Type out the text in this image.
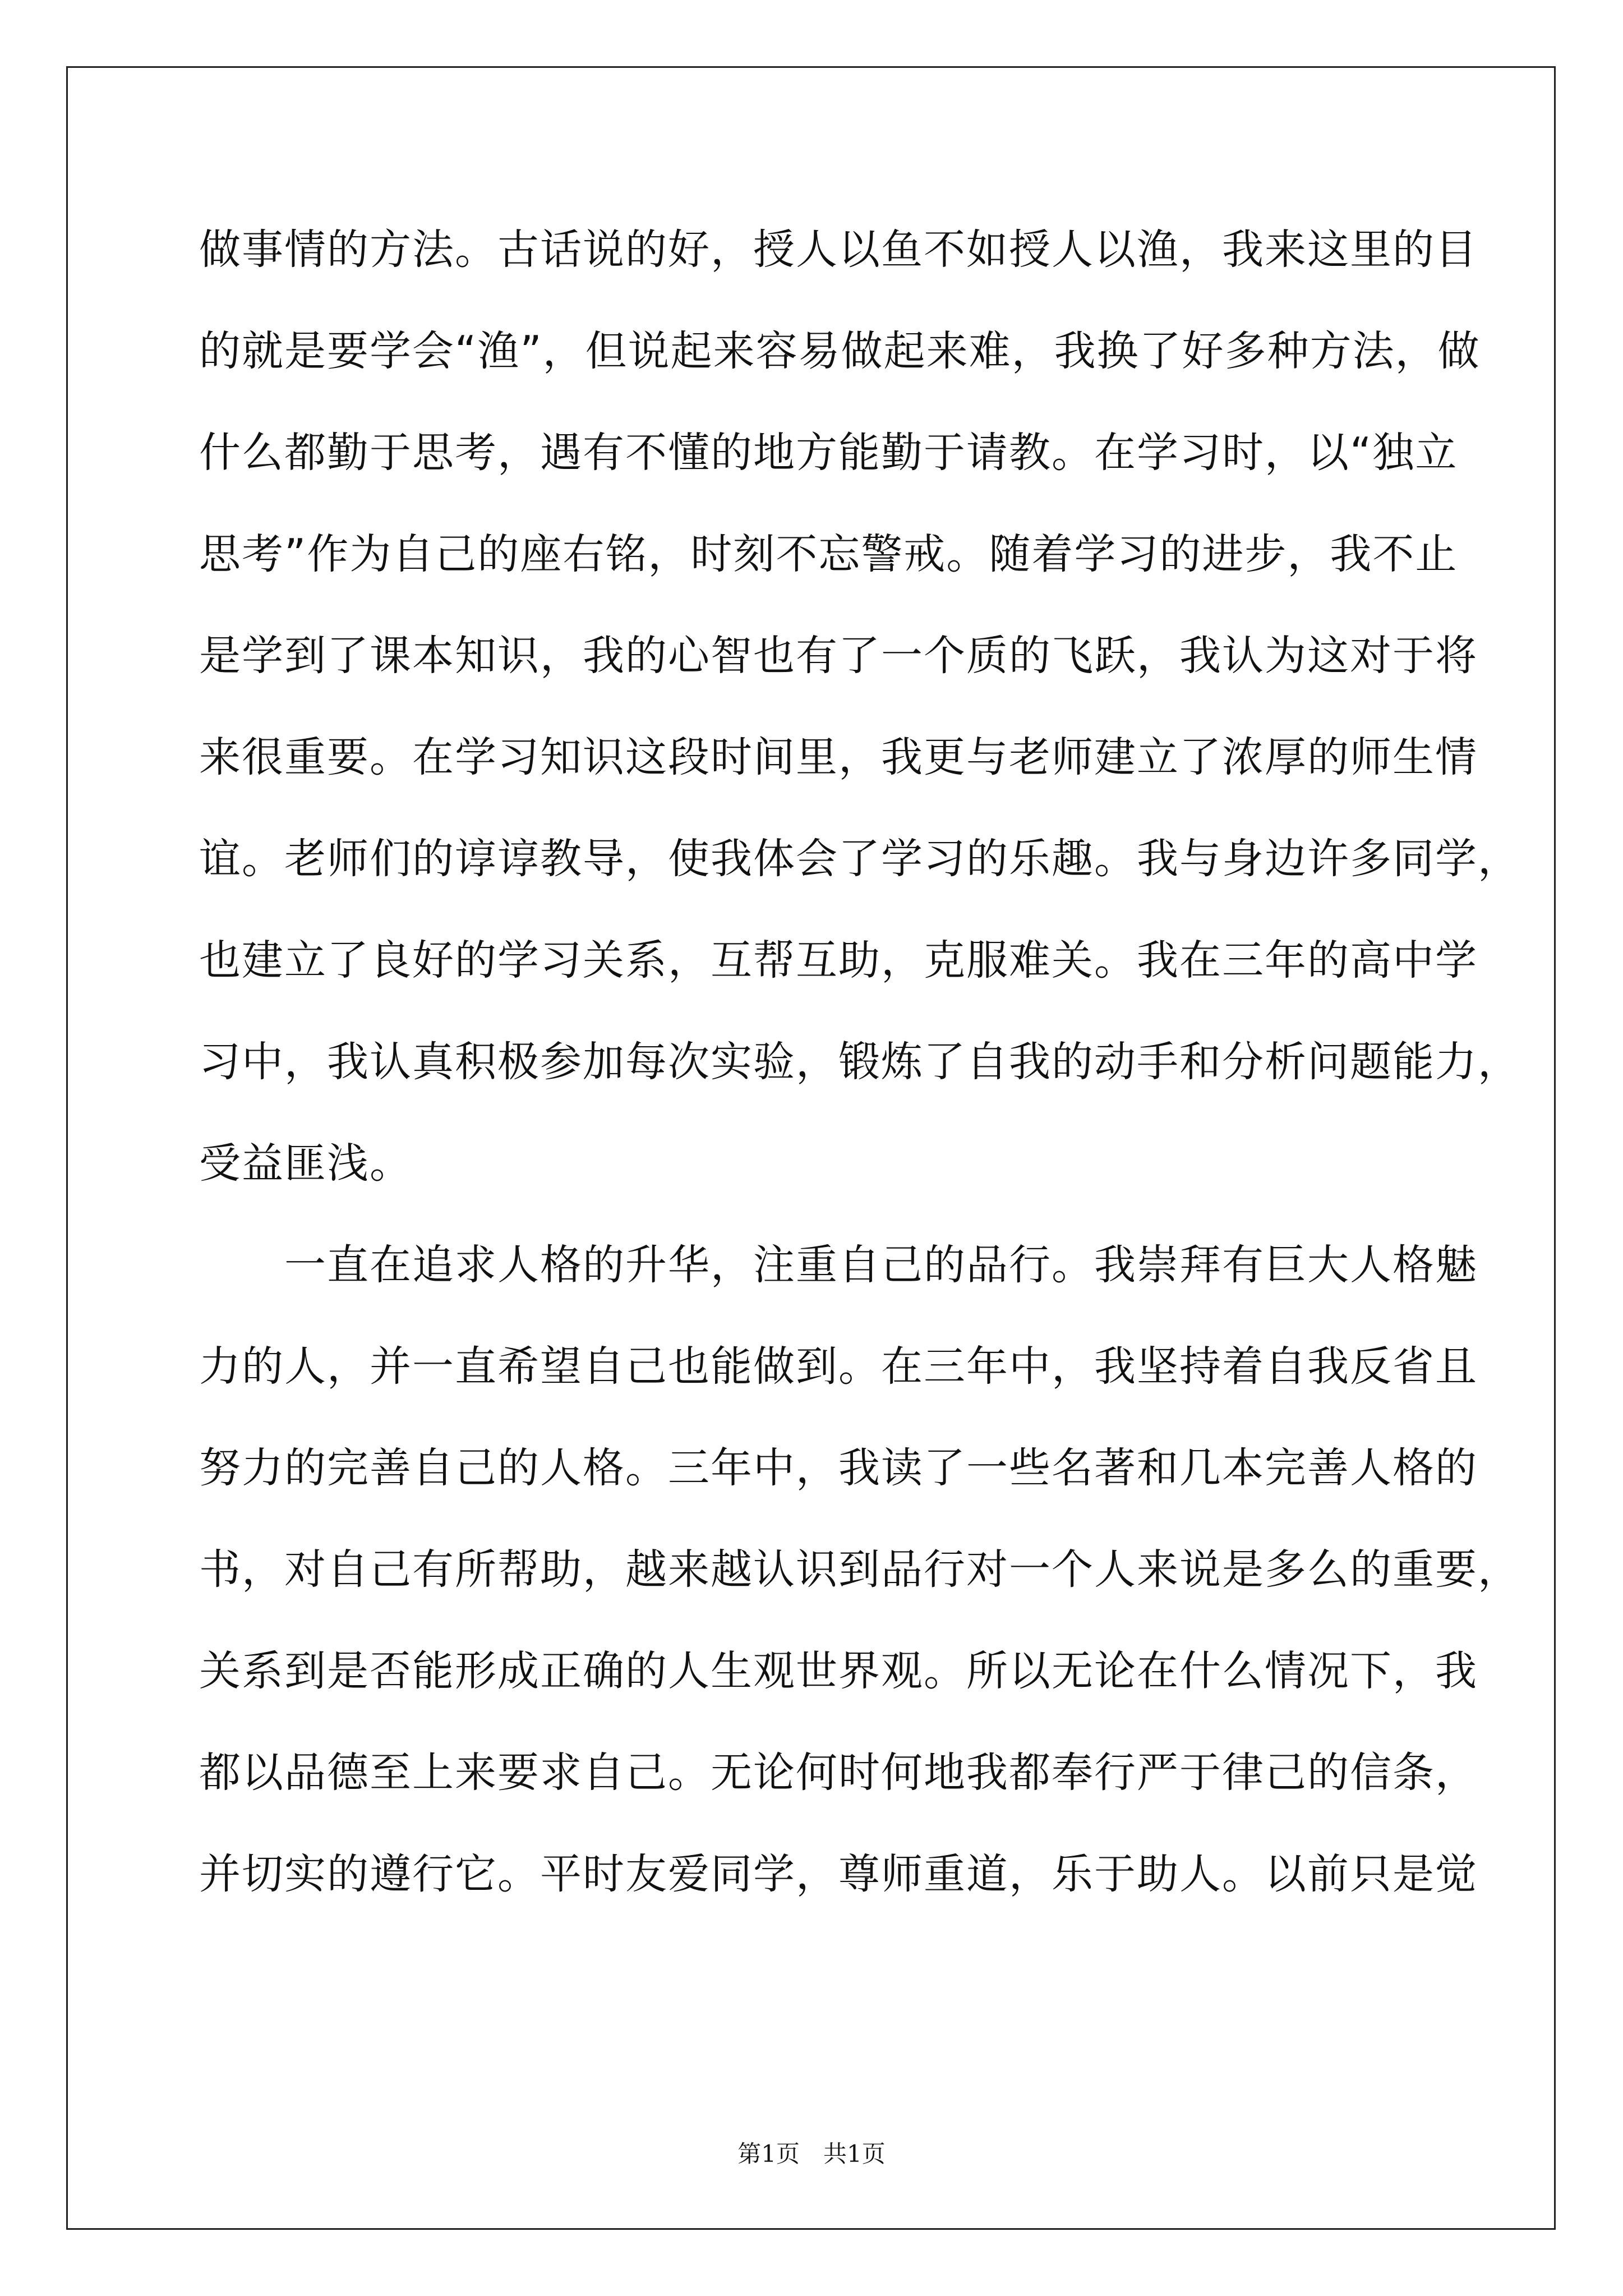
做事情的方法。古话说的好，授人以鱼不如授人以渔，我来这里的目
的就是要学会“渔”，但说起来容易做起来难，我换了好多种方法，做
什么都勤于思考，遇有不懂的地方能勤于请教。在学习时，以“独立
思考”作为自己的座右铭，时刻不忘警戒。随着学习的进步，我不止
是学到了课本知识，我的心智也有了一个质的飞跃，我认为这对于将
来很重要。在学习知识这段时间里，我更与老师建立了浓厚的师生情
谊。老师们的谆谆教导，使我体会了学习的乐趣。我与身边许多同学，
也建立了良好的学习关系，互帮互助，克服难关。我在三年的高中学
习中，我认真积极参加每次实验，锻炼了自我的动手和分析问题能力，
受益匪浅。
　　一直在追求人格的升华，注重自己的品行。我崇拜有巨大人格魅
力的人，并一直希望自己也能做到。在三年中，我坚持着自我反省且
努力的完善自己的人格。三年中，我读了一些名著和几本完善人格的
书，对自己有所帮助，越来越认识到品行对一个人来说是多么的重要，
关系到是否能形成正确的人生观世界观。所以无论在什么情况下，我
都以品德至上来要求自己。无论何时何地我都奉行严于律己的信条，
并切实的遵行它。平时友爱同学，尊师重道，乐于助人。以前只是觉
第1页　共1页
